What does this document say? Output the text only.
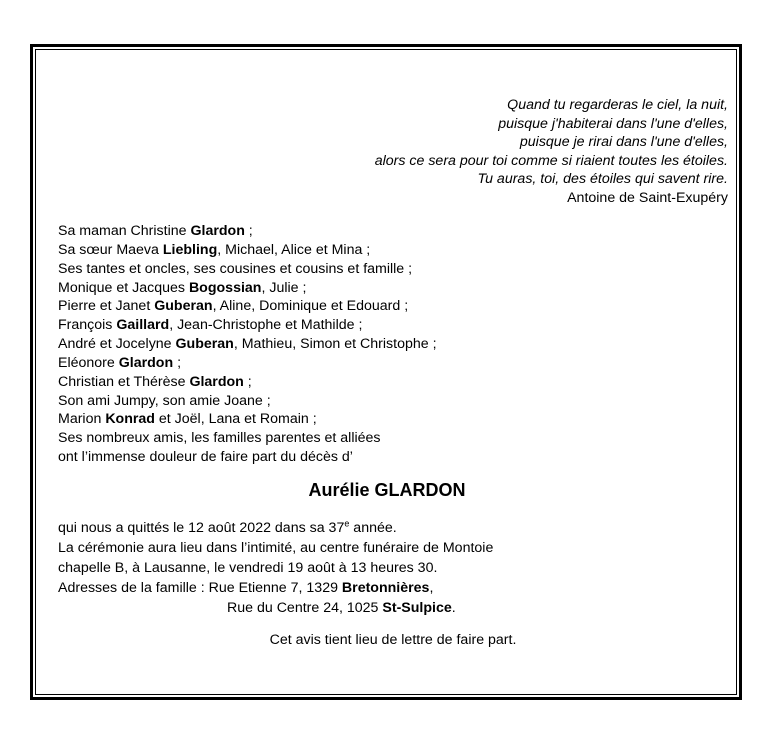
Quand tu regarderas le ciel, la nuit,
puisque j'habiterai dans l'une d'elles,
puisque je rirai dans l'une d'elles,
alors ce sera pour toi comme si riaient toutes les étoiles.
Tu auras, toi, des étoiles qui savent rire.
Antoine de Saint-Exupéry
Sa maman Christine Glardon ;
Sa sœur Maeva Liebling, Michael, Alice et Mina ;
Ses tantes et oncles, ses cousines et cousins et famille ;
Monique et Jacques Bogossian, Julie ;
Pierre et Janet Guberan, Aline, Dominique et Edouard ;
François Gaillard, Jean-Christophe et Mathilde ;
André et Jocelyne Guberan, Mathieu, Simon et Christophe ;
Eléonore Glardon ;
Christian et Thérèse Glardon ;
Son ami Jumpy, son amie Joane ;
Marion Konrad et Joël, Lana et Romain ;
Ses nombreux amis, les familles parentes et alliées
ont l’immense douleur de faire part du décès d’
Aurélie GLARDON
qui nous a quittés le 12 août 2022 dans sa 37e année.
La cérémonie aura lieu dans l’intimité, au centre funéraire de Montoie
chapelle B, à Lausanne, le vendredi 19 août à 13 heures 30.
Adresses de la famille : Rue Etienne 7, 1329 Bretonnières,
Rue du Centre 24, 1025 St-Sulpice.
Cet avis tient lieu de lettre de faire part.
